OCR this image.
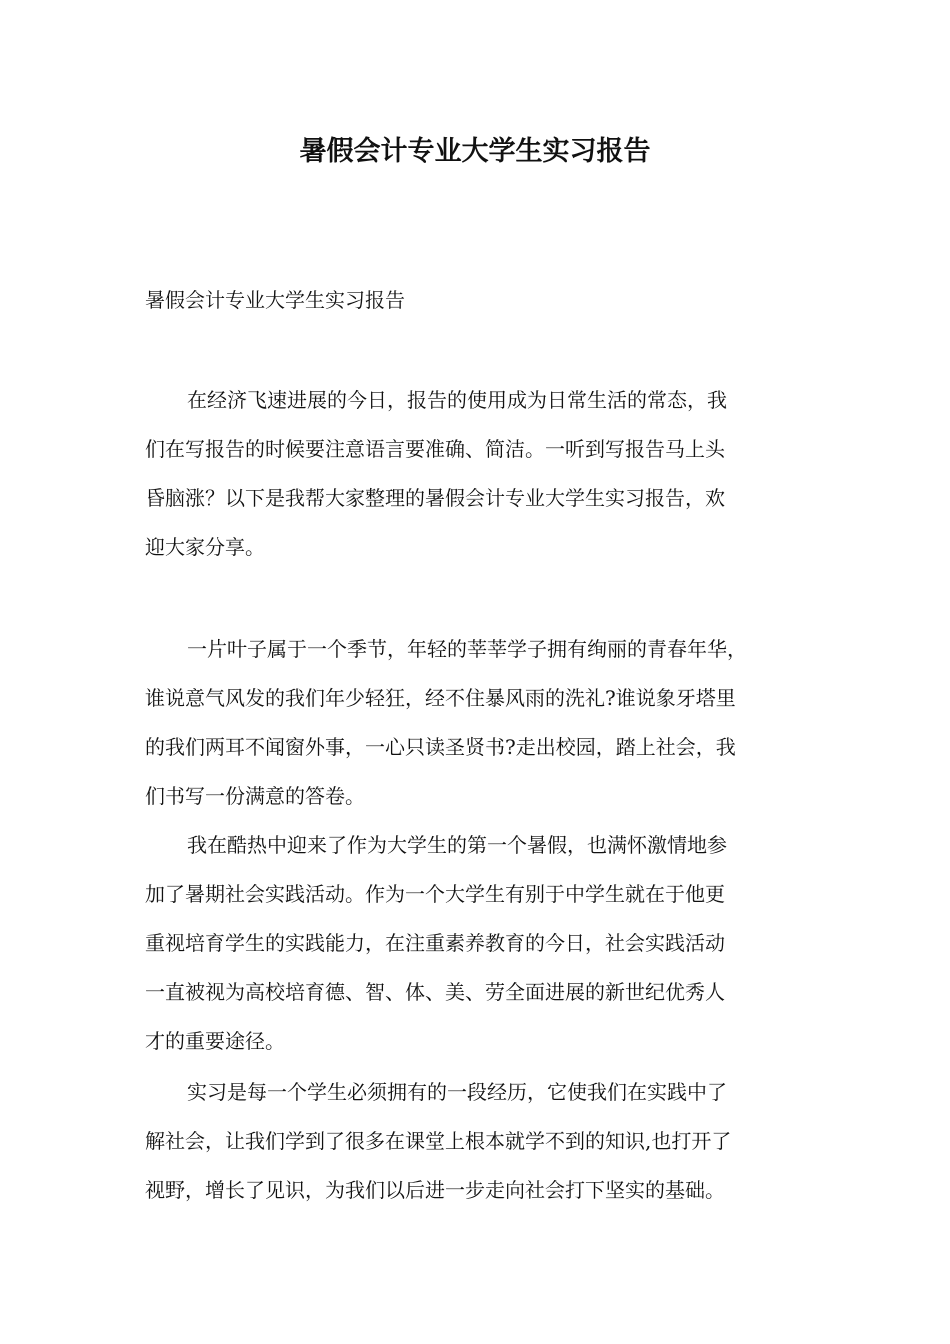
暑假会计专业大学生实习报告
暑假会计专业大学生实习报告
在经济飞速进展的今日，报告的使用成为日常生活的常态，我
们在写报告的时候要注意语言要准确、简洁。一听到写报告马上头
昏脑涨？以下是我帮大家整理的暑假会计专业大学生实习报告，欢
迎大家分享。
一片叶子属于一个季节，年轻的莘莘学子拥有绚丽的青春年华，
谁说意气风发的我们年少轻狂，经不住暴风雨的洗礼?谁说象牙塔里
的我们两耳不闻窗外事，一心只读圣贤书?走出校园，踏上社会，我
们书写一份满意的答卷。
我在酷热中迎来了作为大学生的第一个暑假，也满怀激情地参
加了暑期社会实践活动。作为一个大学生有别于中学生就在于他更
重视培育学生的实践能力，在注重素养教育的今日，社会实践活动
一直被视为高校培育德、智、体、美、劳全面进展的新世纪优秀人
才的重要途径。
实习是每一个学生必须拥有的一段经历，它使我们在实践中了
解社会，让我们学到了很多在课堂上根本就学不到的知识,也打开了
视野，增长了见识，为我们以后进一步走向社会打下坚实的基础。
